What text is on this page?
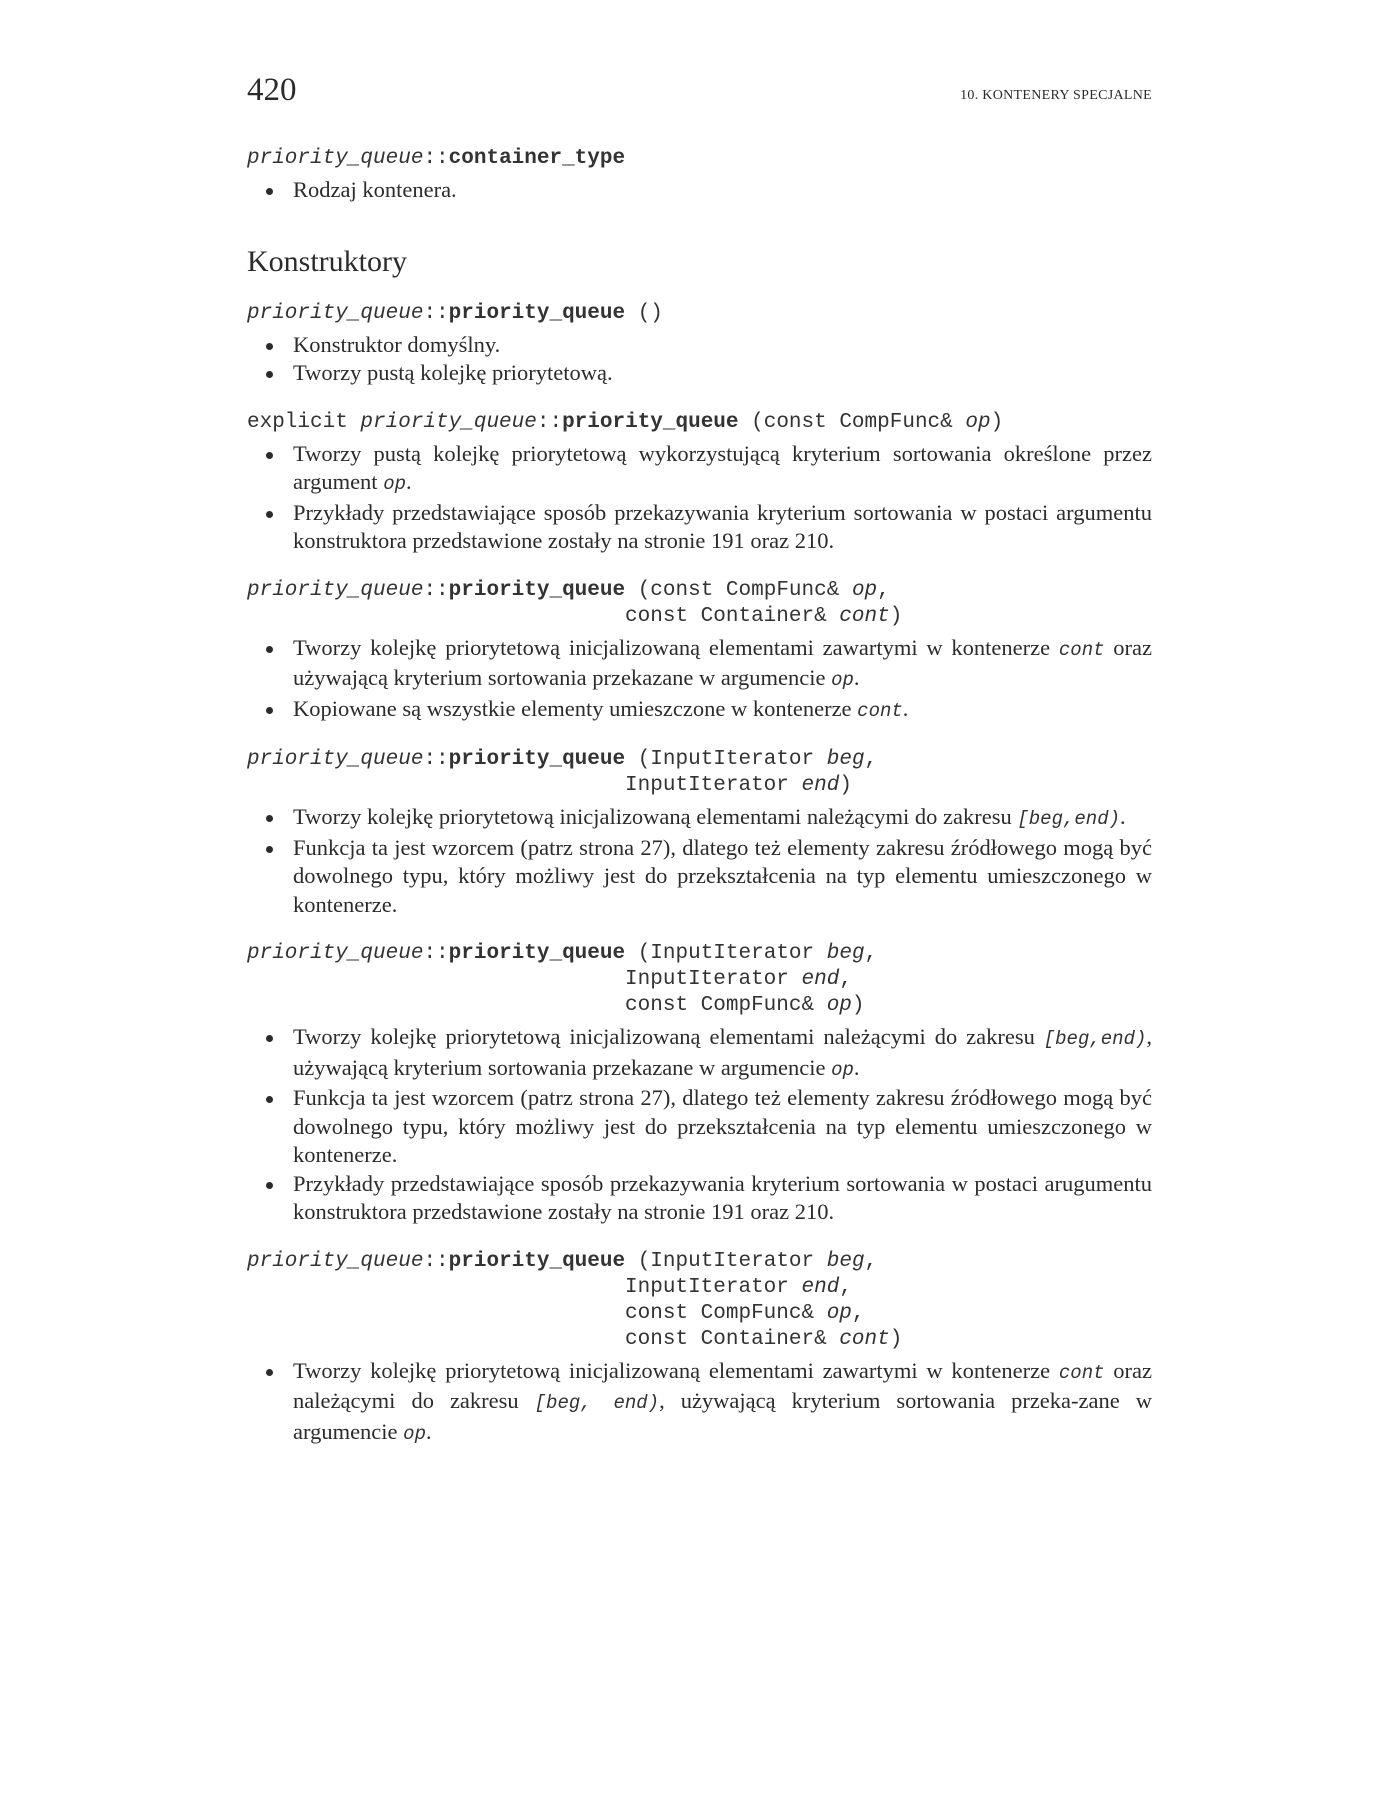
420	10. KONTENERY SPECJALNE
priority_queue::container_type
Rodzaj kontenera.
Konstruktory
priority_queue::priority_queue ()
Konstruktor domyślny.
Tworzy pustą kolejkę priorytetową.
explicit priority_queue::priority_queue (const CompFunc& op)
Tworzy pustą kolejkę priorytetową wykorzystującą kryterium sortowania określone przez argument op.
Przykłady przedstawiające sposób przekazywania kryterium sortowania w postaci argumentu konstruktora przedstawione zostały na stronie 191 oraz 210.
priority_queue::priority_queue (const CompFunc& op,
const Container& cont)
Tworzy kolejkę priorytetową inicjalizowaną elementami zawartymi w kontenerze cont oraz używającą kryterium sortowania przekazane w argumencie op.
Kopiowane są wszystkie elementy umieszczone w kontenerze cont.
priority_queue::priority_queue (InputIterator beg,
InputIterator end)
Tworzy kolejkę priorytetową inicjalizowaną elementami należącymi do zakresu [beg,end).
Funkcja ta jest wzorcem (patrz strona 27), dlatego też elementy zakresu źródłowego mogą być dowolnego typu, który możliwy jest do przekształcenia na typ elementu umieszczonego w kontenerze.
priority_queue::priority_queue (InputIterator beg,
InputIterator end,
const CompFunc& op)
Tworzy kolejkę priorytetową inicjalizowaną elementami należącymi do zakresu [beg,end), używającą kryterium sortowania przekazane w argumencie op.
Funkcja ta jest wzorcem (patrz strona 27), dlatego też elementy zakresu źródłowego mogą być dowolnego typu, który możliwy jest do przekształcenia na typ elementu umieszczonego w kontenerze.
Przykłady przedstawiające sposób przekazywania kryterium sortowania w postaci arugumentu konstruktora przedstawione zostały na stronie 191 oraz 210.
priority_queue::priority_queue (InputIterator beg,
InputIterator end,
const CompFunc& op,
const Container& cont)
Tworzy kolejkę priorytetową inicjalizowaną elementami zawartymi w kontenerze cont oraz należącymi do zakresu [beg, end), używającą kryterium sortowania przeka-zane w argumencie op.
